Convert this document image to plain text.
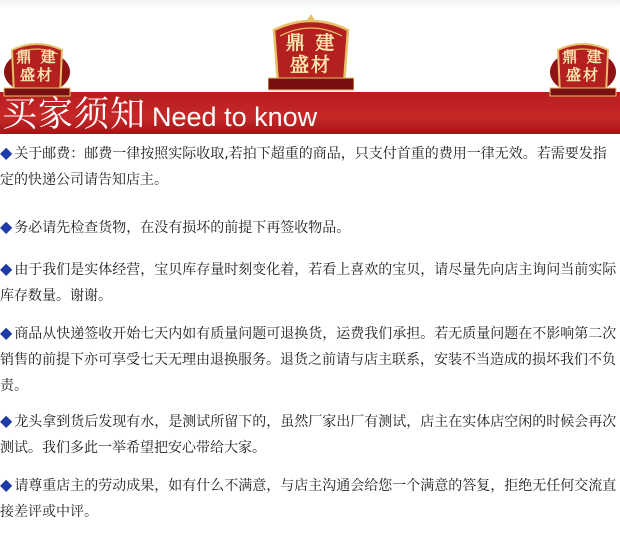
鼎 建
盛材
鼎 建
盛材	鼎 建
盛材
买家须知 Need to know
◆ 关于邮费：邮费一律按照实际收取,若拍下超重的商品，只支付首重的费用一律无效。若需要发指定的快递公司请告知店主。
◆ 务必请先检查货物，在没有损坏的前提下再签收物品。
◆ 由于我们是实体经营，宝贝库存量时刻变化着，若看上喜欢的宝贝，请尽量先向店主询问当前实际库存数量。谢谢。
◆ 商品从快递签收开始七天内如有质量问题可退换货，运费我们承担。若无质量问题在不影响第二次销售的前提下亦可享受七天无理由退换服务。退货之前请与店主联系，安装不当造成的损坏我们不负责。
◆ 龙头拿到货后发现有水，是测试所留下的，虽然厂家出厂有测试，店主在实体店空闲的时候会再次测试。我们多此一举希望把安心带给大家。
◆ 请尊重店主的劳动成果，如有什么不满意，与店主沟通会给您一个满意的答复，拒绝无任何交流直接差评或中评。
